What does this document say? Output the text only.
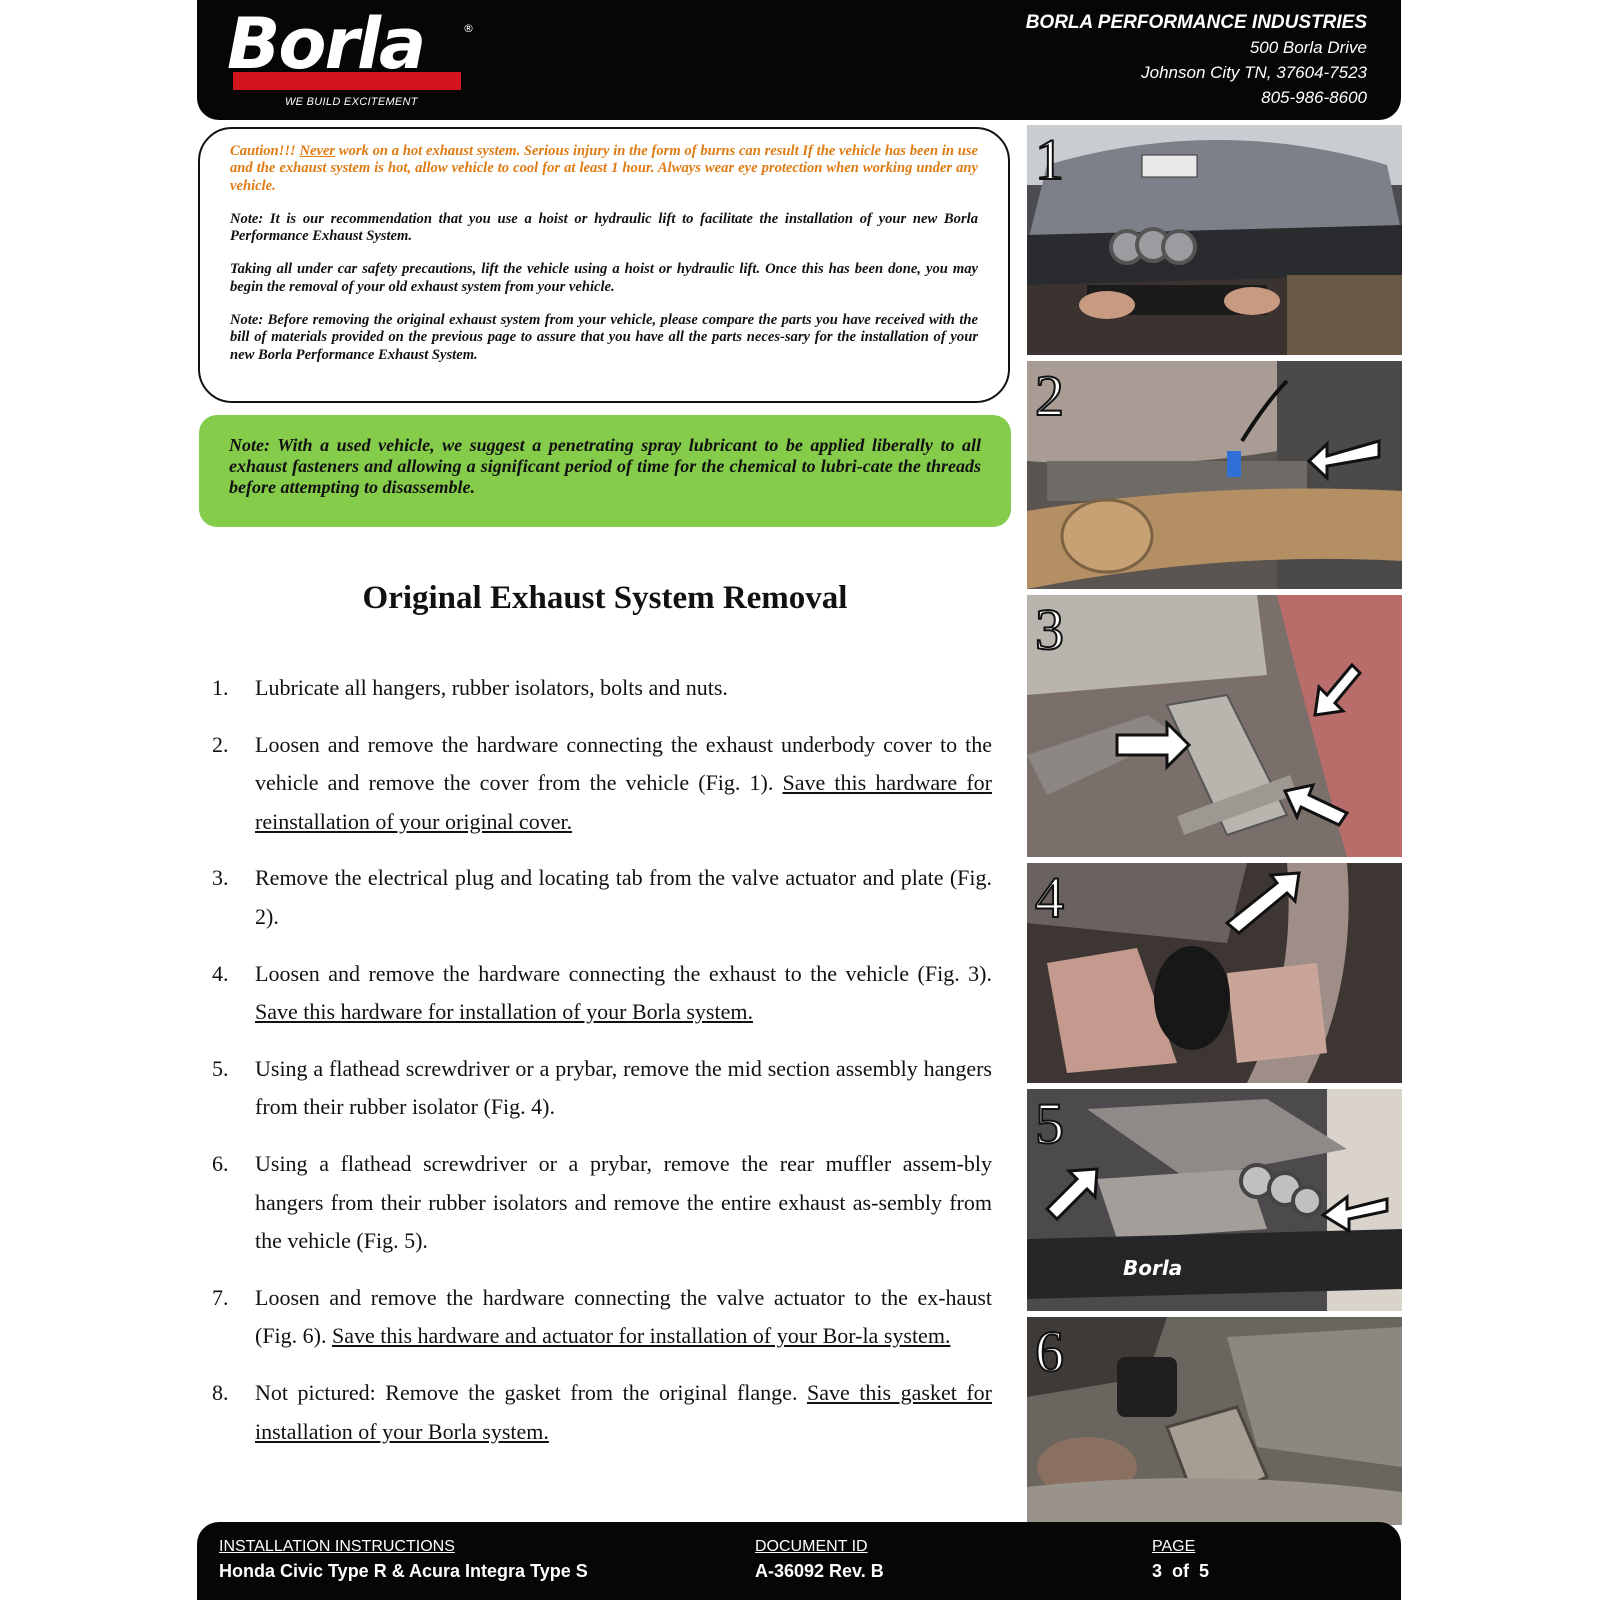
Borla	®
WE BUILD EXCITEMENT
BORLA PERFORMANCE INDUSTRIES
500 Borla Drive
Johnson City TN, 37604-7523
805-986-8600

Caution!!! Never work on a hot exhaust system. Serious injury in the form of burns can result If the vehicle has been in use and the exhaust system is hot, allow vehicle to cool for at least 1 hour. Always wear eye protection when working under any vehicle.

Note: It is our recommendation that you use a hoist or hydraulic lift to facilitate the installation of your new Borla Performance Exhaust System.

Taking all under car safety precautions, lift the vehicle using a hoist or hydraulic lift. Once this has been done, you may begin the removal of your old exhaust system from your vehicle.

Note: Before removing the original exhaust system from your vehicle, please compare the parts you have received with the bill of materials provided on the previous page to assure that you have all the parts neces-sary for the installation of your new Borla Performance Exhaust System.

Note: With a used vehicle, we suggest a penetrating spray lubricant to be applied liberally to all exhaust fasteners and allowing a significant period of time for the chemical to lubri-cate the threads before attempting to disassemble.
Original Exhaust System Removal
1.	Lubricate all hangers, rubber isolators, bolts and nuts.
2.	Loosen and remove the hardware connecting the exhaust underbody cover to the vehicle and remove the cover from the vehicle (Fig. 1). Save this hardware for reinstallation of your original cover.
3.	Remove the electrical plug and locating tab from the valve actuator and plate (Fig. 2).
4.	Loosen and remove the hardware connecting the exhaust to the vehicle (Fig. 3). Save this hardware for installation of your Borla system.
5.	Using a flathead screwdriver or a prybar, remove the mid section assembly hangers from their rubber isolator (Fig. 4).
6.	Using a flathead screwdriver or a prybar, remove the rear muffler assem-bly hangers from their rubber isolators and remove the entire exhaust as-sembly from the vehicle (Fig. 5).
7.	Loosen and remove the hardware connecting the valve actuator to the ex-haust (Fig. 6). Save this hardware and actuator for installation of your Bor-la system.
8.	Not pictured: Remove the gasket from the original flange. Save this gasket for installation of your Borla system.
1
2
3
4
Borla
5
6
INSTALLATION INSTRUCTIONS
Honda Civic Type R & Acura Integra Type S
DOCUMENT ID
A-36092 Rev. B
PAGE
3  of  5
